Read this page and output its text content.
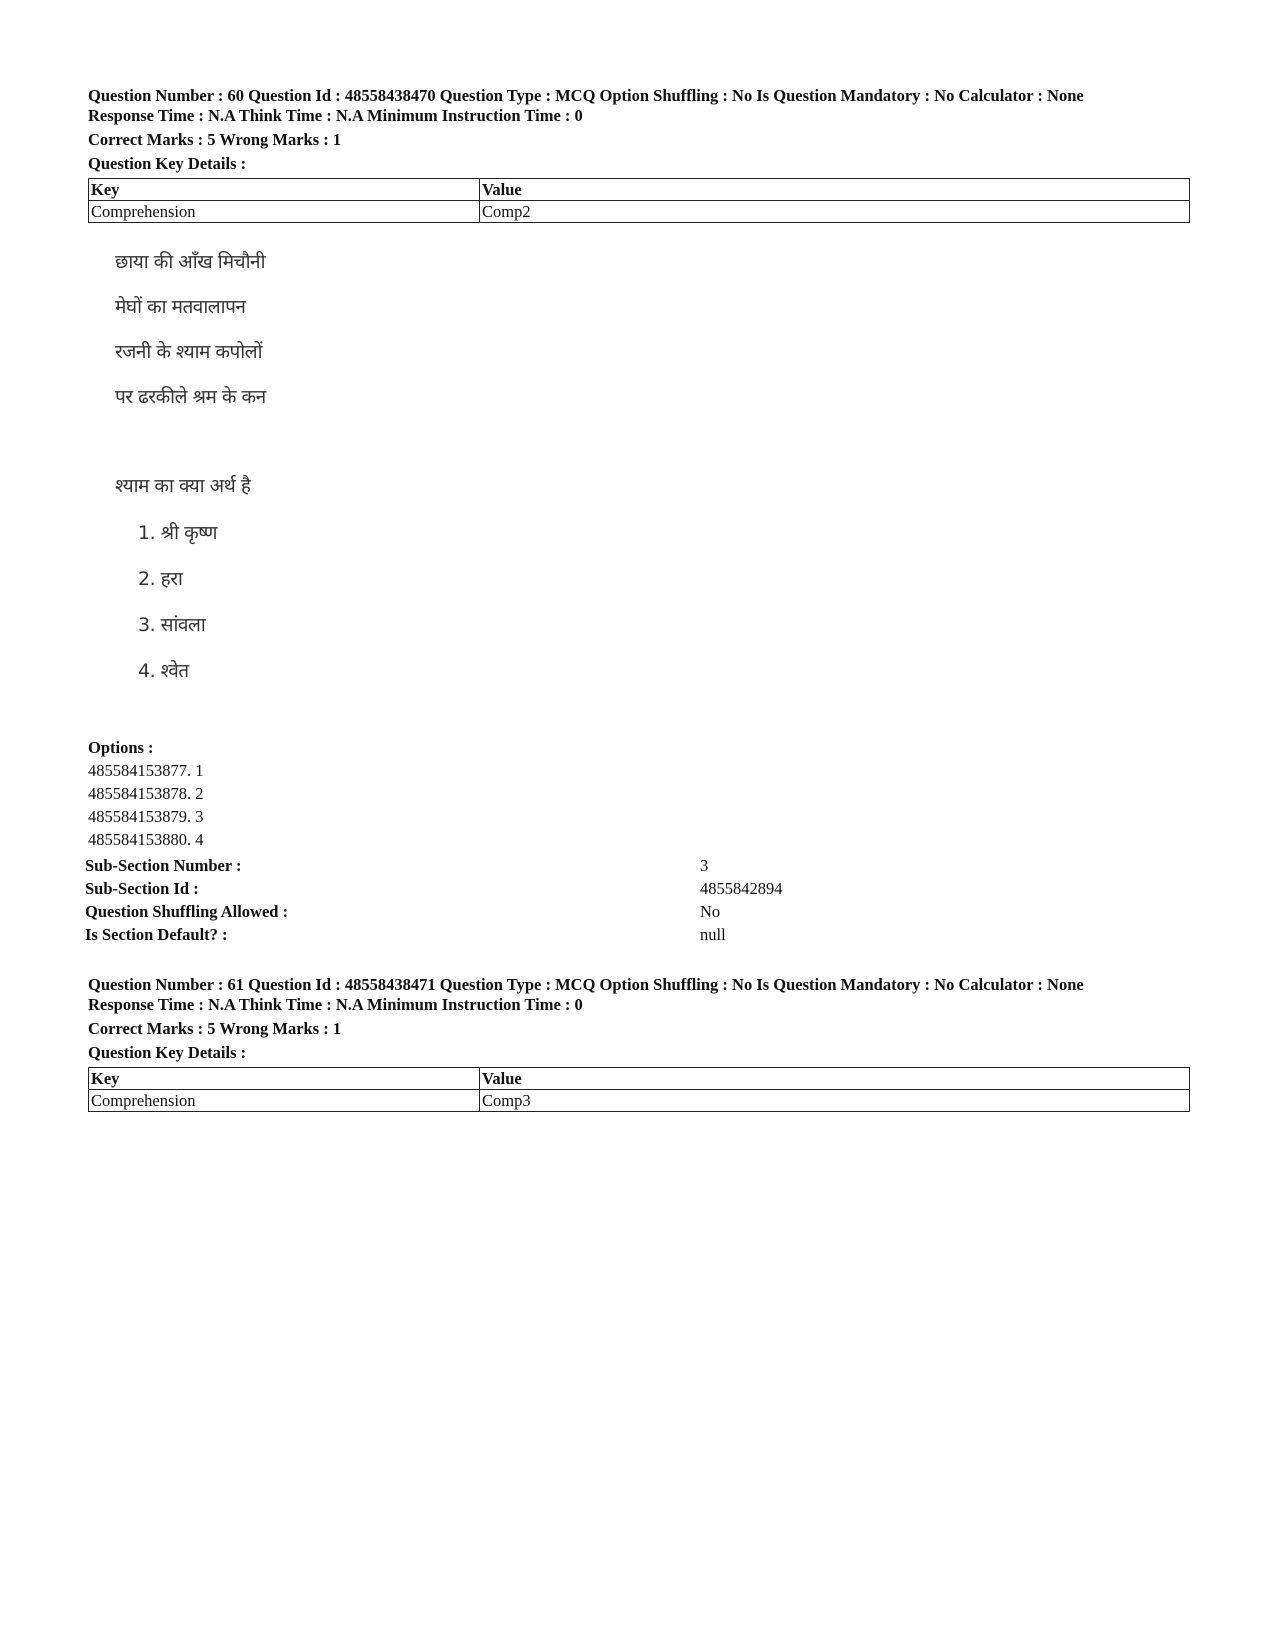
Question Number : 60 Question Id : 48558438470 Question Type : MCQ Option Shuffling : No Is Question Mandatory : No Calculator : None
Response Time : N.A Think Time : N.A Minimum Instruction Time : 0
Correct Marks : 5 Wrong Marks : 1
Question Key Details :
Key	Value
Comprehension	Comp2
छाया की आँख मिचौनी
मेघों का मतवालापन
रजनी के श्याम कपोलों
पर ढरकीले श्रम के कन
श्याम का क्या अर्थ है
1. श्री कृष्ण
2. हरा
3. सांवला
4. श्वेत
Options :
485584153877. 1
485584153878. 2
485584153879. 3
485584153880. 4
Sub-Section Number :	3
Sub-Section Id :	4855842894
Question Shuffling Allowed :	No
Is Section Default? :	null
Question Number : 61 Question Id : 48558438471 Question Type : MCQ Option Shuffling : No Is Question Mandatory : No Calculator : None
Response Time : N.A Think Time : N.A Minimum Instruction Time : 0
Correct Marks : 5 Wrong Marks : 1
Question Key Details :
Key	Value
Comprehension	Comp3
